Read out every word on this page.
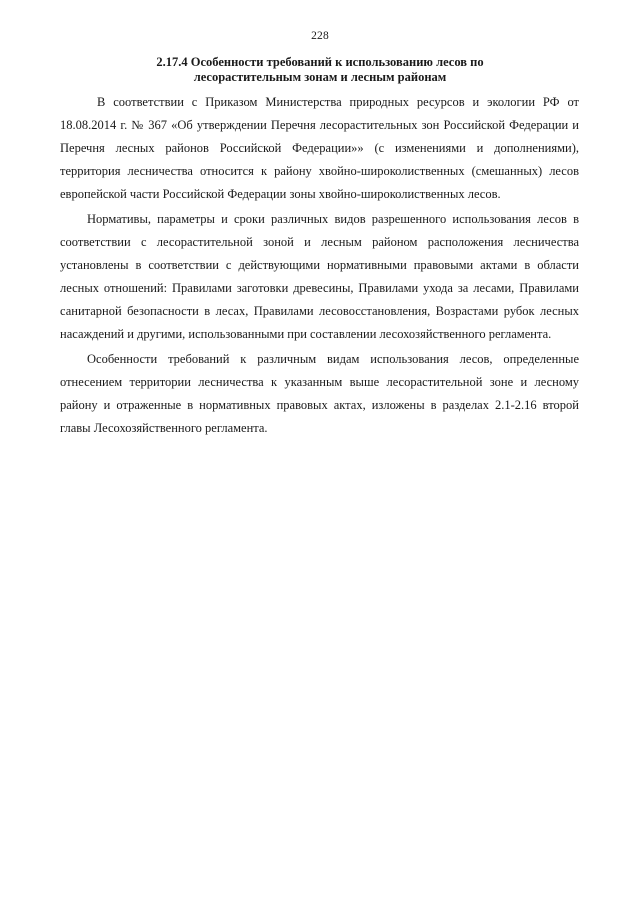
228
2.17.4 Особенности требований к использованию лесов по
лесорастительным зонам и лесным районам

В соответствии с Приказом Министерства природных ресурсов и экологии РФ от 18.08.2014 г. № 367 «Об утверждении Перечня лесорастительных зон Российской Федерации и Перечня лесных районов Российской Федерации»» (с изменениями и дополнениями), территория лесничества относится к району хвойно-широколиственных (смешанных) лесов европейской части Российской Федерации зоны хвойно-широколиственных лесов.

Нормативы, параметры и сроки различных видов разрешенного использования лесов в соответствии с лесорастительной зоной и лесным районом расположения лесничества установлены в соответствии с действующими нормативными правовыми актами в области лесных отношений: Правилами заготовки древесины, Правилами ухода за лесами, Правилами санитарной безопасности в лесах, Правилами лесовосстановления, Возрастами рубок лесных насаждений и другими, использованными при составлении лесохозяйственного регламента.

Особенности требований к различным видам использования лесов, определенные отнесением территории лесничества к указанным выше лесорастительной зоне и лесному району и отраженные в нормативных правовых актах, изложены в разделах 2.1-2.16 второй главы Лесохозяйственного регламента.
